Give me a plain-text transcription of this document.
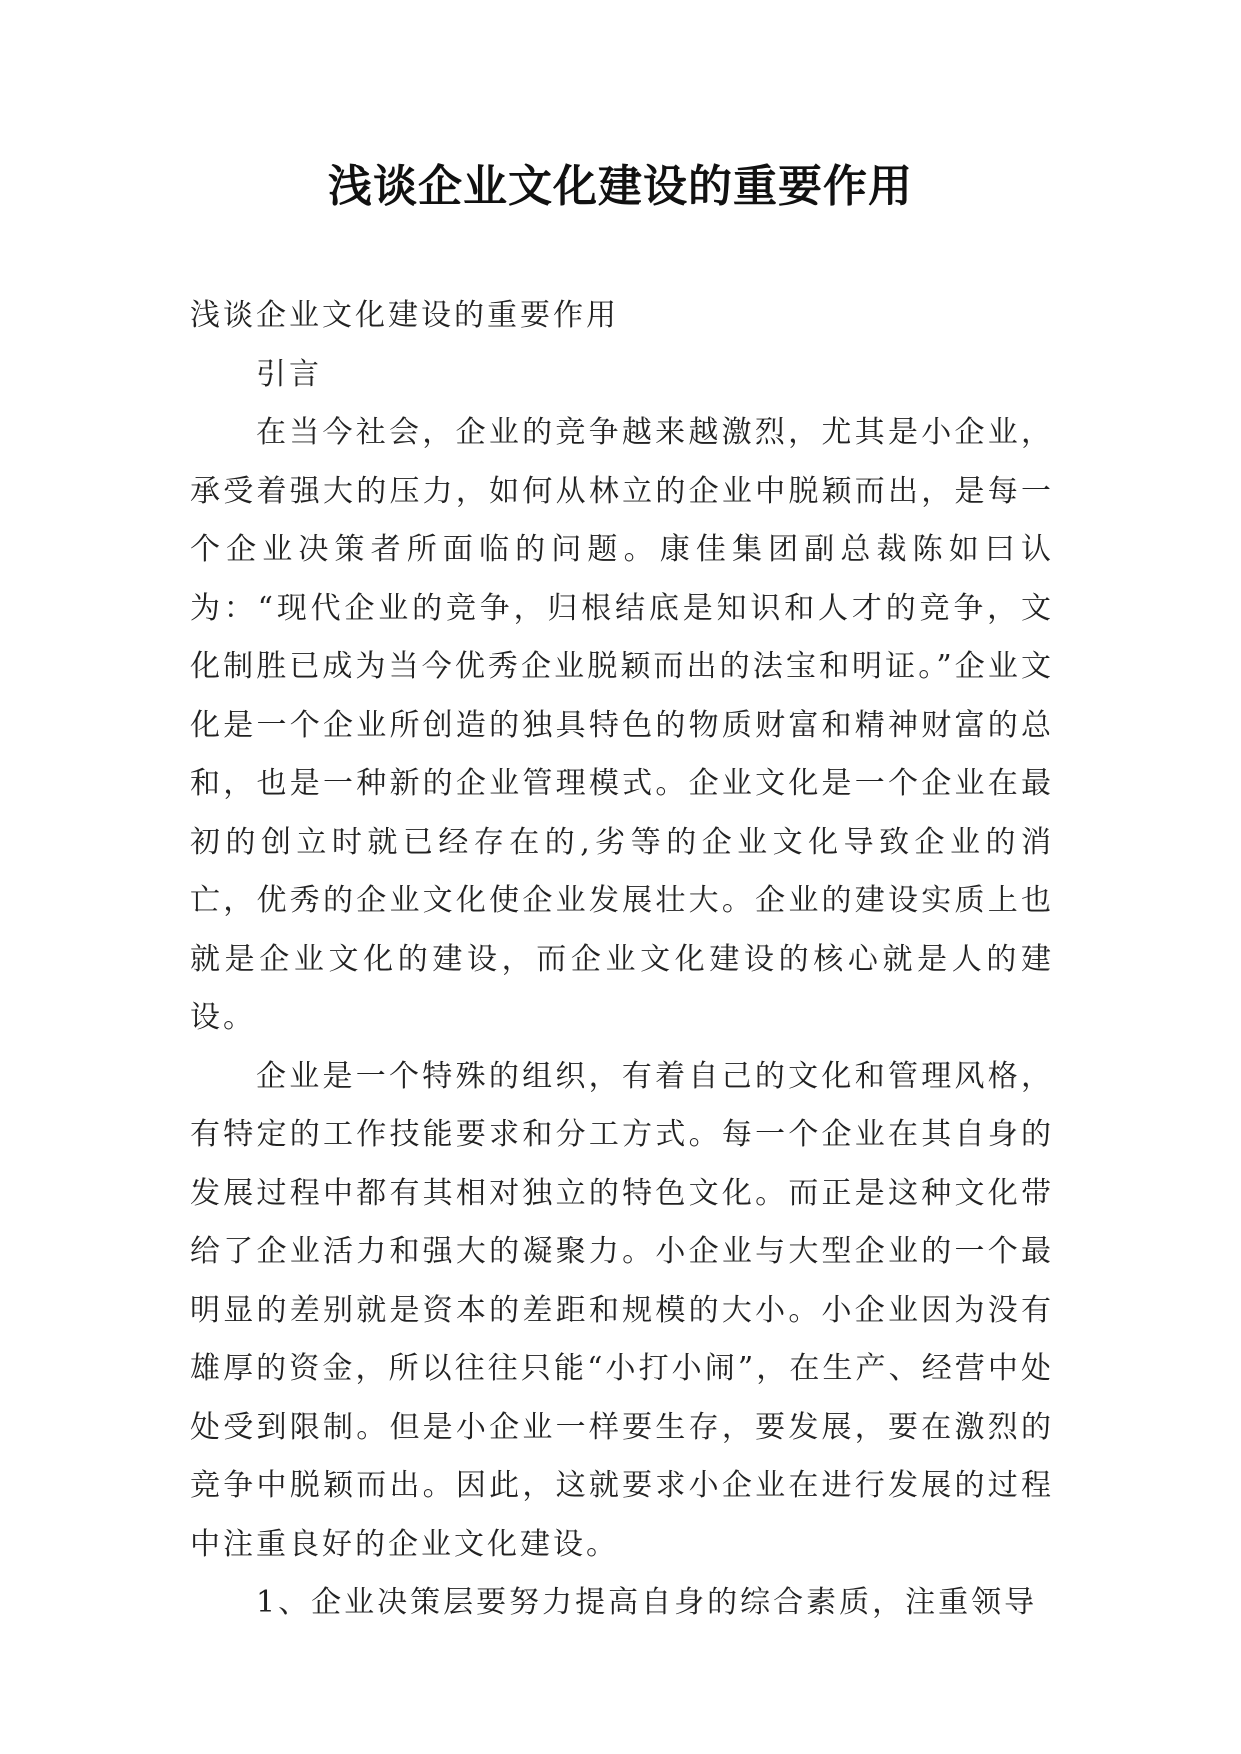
浅谈企业文化建设的重要作用

浅谈企业文化建设的重要作用

引言

在当今社会，企业的竞争越来越激烈，尤其是小企业，承受着强大的压力，如何从林立的企业中脱颖而出，是每一个企业决策者所面临的问题。康佳集团副总裁陈如曰认为：“现代企业的竞争，归根结底是知识和人才的竞争，文化制胜已成为当今优秀企业脱颖而出的法宝和明证。”企业文化是一个企业所创造的独具特色的物质财富和精神财富的总和，也是一种新的企业管理模式。企业文化是一个企业在最初的创立时就已经存在的,劣等的企业文化导致企业的消亡，优秀的企业文化使企业发展壮大。企业的建设实质上也就是企业文化的建设，而企业文化建设的核心就是人的建设。

企业是一个特殊的组织，有着自己的文化和管理风格，有特定的工作技能要求和分工方式。每一个企业在其自身的发展过程中都有其相对独立的特色文化。而正是这种文化带给了企业活力和强大的凝聚力。小企业与大型企业的一个最明显的差别就是资本的差距和规模的大小。小企业因为没有雄厚的资金，所以往往只能“小打小闹”，在生产、经营中处处受到限制。但是小企业一样要生存，要发展，要在激烈的竞争中脱颖而出。因此，这就要求小企业在进行发展的过程中注重良好的企业文化建设。

1、企业决策层要努力提高自身的综合素质，注重领导
